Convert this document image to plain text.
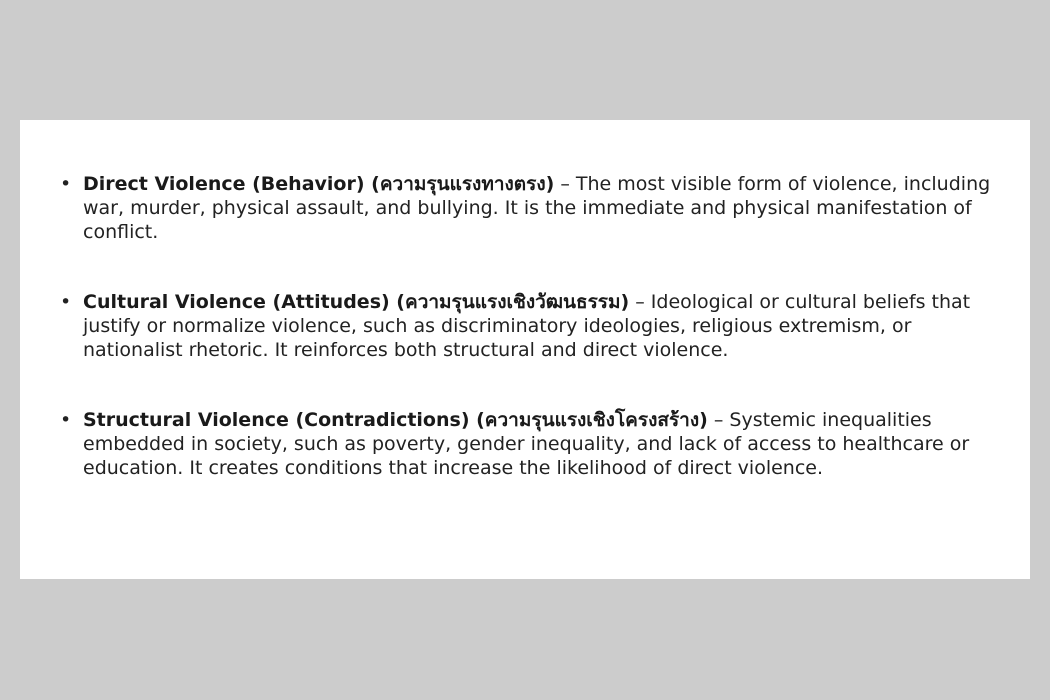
• Direct Violence (Behavior) (ความรุนแรงทางตรง) – The most visible form of violence, including war, murder, physical assault, and bullying. It is the immediate and physical manifestation of conflict.
• Cultural Violence (Attitudes) (ความรุนแรงเชิงวัฒนธรรม) – Ideological or cultural beliefs that justify or normalize violence, such as discriminatory ideologies, religious extremism, or nationalist rhetoric. It reinforces both structural and direct violence.
• Structural Violence (Contradictions) (ความรุนแรงเชิงโครงสร้าง) – Systemic inequalities embedded in society, such as poverty, gender inequality, and lack of access to healthcare or education. It creates conditions that increase the likelihood of direct violence.
